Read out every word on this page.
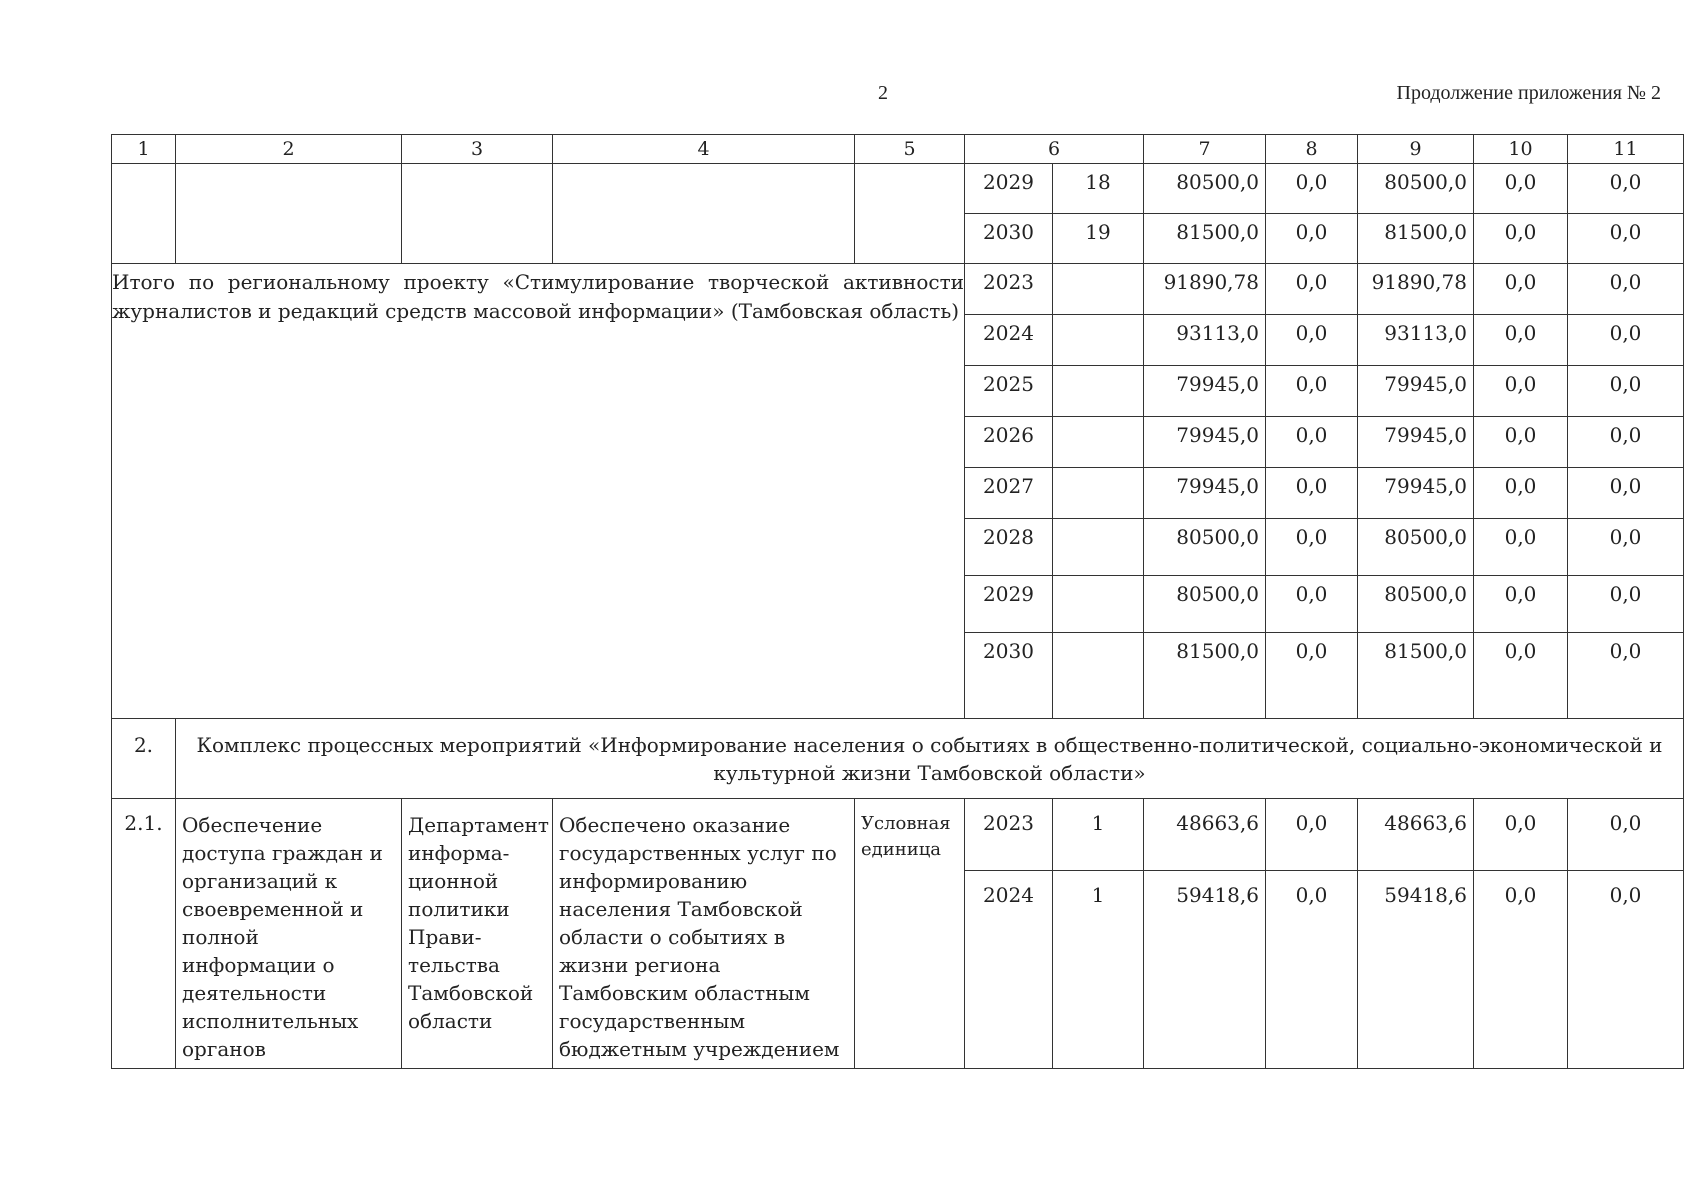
2	Продолжение приложения № 2
1	2	3	4	5	6		7	8	9	10	11
					2029	18	80500,0	0,0	80500,0	0,0	0,0
					2030	19	81500,0	0,0	81500,0	0,0	0,0
Итого по региональному проекту «Стимулирование творческой активности журналистов и редакций средств массовой информации» (Тамбовская область)					2023		91890,78	0,0	91890,78	0,0	0,0
					2024		93113,0	0,0	93113,0	0,0	0,0
					2025		79945,0	0,0	79945,0	0,0	0,0
					2026		79945,0	0,0	79945,0	0,0	0,0
					2027		79945,0	0,0	79945,0	0,0	0,0
					2028		80500,0	0,0	80500,0	0,0	0,0
					2029		80500,0	0,0	80500,0	0,0	0,0
					2030		81500,0	0,0	81500,0	0,0	0,0
2.	Комплекс процессных мероприятий «Информирование населения о событиях в общественно-политической, социально-экономической и культурной жизни Тамбовской области»										
2.1.	Обеспечение доступа граждан и организаций к своевременной и полной информации о деятельности исполнительных органов	Департамент информа-ционной политики Прави-тельства Тамбовской области	Обеспечено оказание государственных услуг по информированию населения Тамбовской области о событиях в жизни региона Тамбовским областным государственным бюджетным учреждением	Условная единица	2023	1	48663,6	0,0	48663,6	0,0	0,0
					2024	1	59418,6	0,0	59418,6	0,0	0,0
